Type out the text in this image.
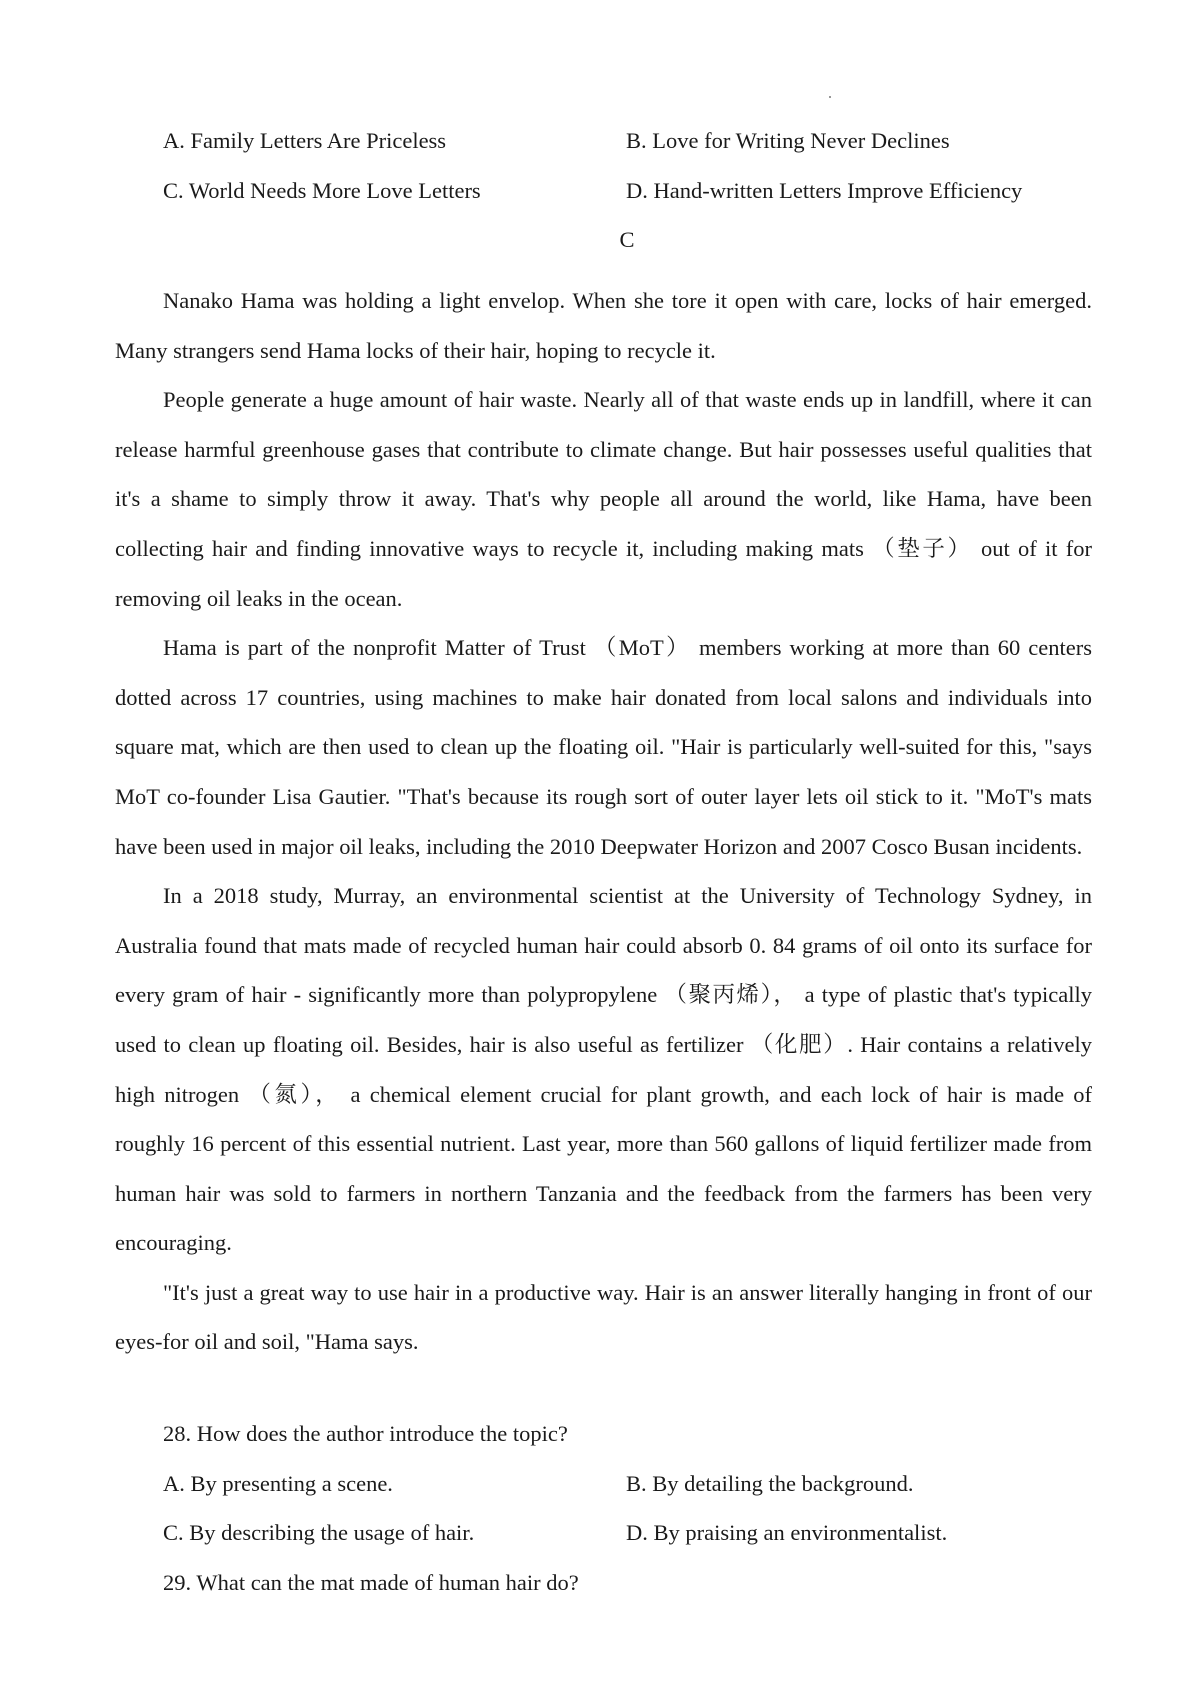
A. Family Letters Are Priceless	B. Love for Writing Never Declines
C. World Needs More Love Letters	D. Hand-written Letters Improve Efficiency
C

Nanako Hama was holding a light envelop. When she tore it open with care, locks of hair emerged. Many strangers send Hama locks of their hair, hoping to recycle it.

People generate a huge amount of hair waste. Nearly all of that waste ends up in landfill, where it can release harmful greenhouse gases that contribute to climate change. But hair possesses useful qualities that it's a shame to simply throw it away. That's why people all around the world, like Hama, have been collecting hair and finding innovative ways to recycle it, including making mats （垫子） out of it for removing oil leaks in the ocean.

Hama is part of the nonprofit Matter of Trust （MoT） members working at more than 60 centers dotted across 17 countries, using machines to make hair donated from local salons and individuals into square mat, which are then used to clean up the floating oil. "Hair is particularly well-suited for this, "says MoT co-founder Lisa Gautier. "That's because its rough sort of outer layer lets oil stick to it. "MoT's mats have been used in major oil leaks, including the 2010 Deepwater Horizon and 2007 Cosco Busan incidents.

In a 2018 study, Murray, an environmental scientist at the University of Technology Sydney, in Australia found that mats made of recycled human hair could absorb 0. 84 grams of oil onto its surface for every gram of hair - significantly more than polypropylene （聚丙烯）， a type of plastic that's typically used to clean up floating oil. Besides, hair is also useful as fertilizer （化肥）. Hair contains a relatively high nitrogen （氮）， a chemical element crucial for plant growth, and each lock of hair is made of roughly 16 percent of this essential nutrient. Last year, more than 560 gallons of liquid fertilizer made from human hair was sold to farmers in northern Tanzania and the feedback from the farmers has been very encouraging.

"It's just a great way to use hair in a productive way. Hair is an answer literally hanging in front of our eyes-for oil and soil, "Hama says.

28. How does the author introduce the topic?
A. By presenting a scene.	B. By detailing the background.
C. By describing the usage of hair.	D. By praising an environmentalist.
29. What can the mat made of human hair do?
